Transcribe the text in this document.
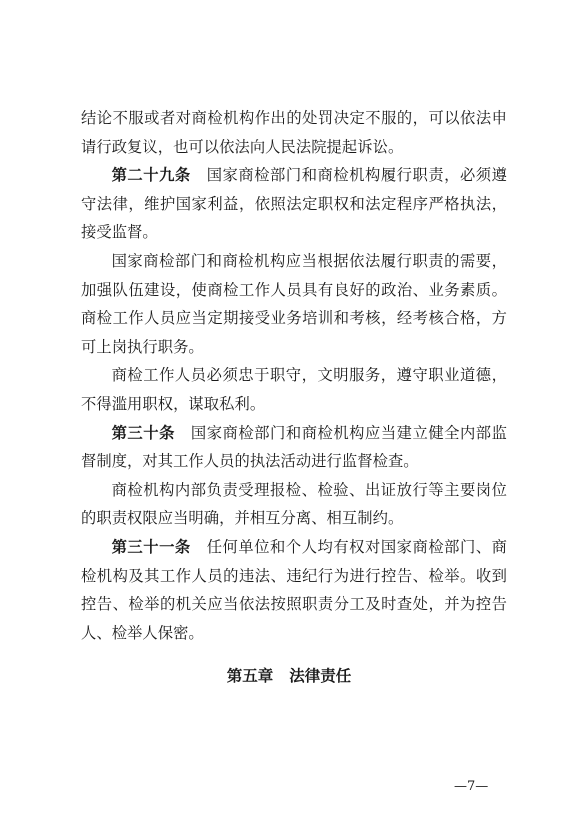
结论不服或者对商检机构作出的处罚决定不服的，可以依法申请行政复议，也可以依法向人民法院提起诉讼。

第二十九条 国家商检部门和商检机构履行职责，必须遵守法律，维护国家利益，依照法定职权和法定程序严格执法，接受监督。

国家商检部门和商检机构应当根据依法履行职责的需要，加强队伍建设，使商检工作人员具有良好的政治、业务素质。商检工作人员应当定期接受业务培训和考核，经考核合格，方可上岗执行职务。

商检工作人员必须忠于职守，文明服务，遵守职业道德，不得滥用职权，谋取私利。

第三十条 国家商检部门和商检机构应当建立健全内部监督制度，对其工作人员的执法活动进行监督检查。

商检机构内部负责受理报检、检验、出证放行等主要岗位的职责权限应当明确，并相互分离、相互制约。

第三十一条 任何单位和个人均有权对国家商检部门、商检机构及其工作人员的违法、违纪行为进行控告、检举。收到控告、检举的机关应当依法按照职责分工及时查处，并为控告人、检举人保密。

第五章 法律责任
—7—
